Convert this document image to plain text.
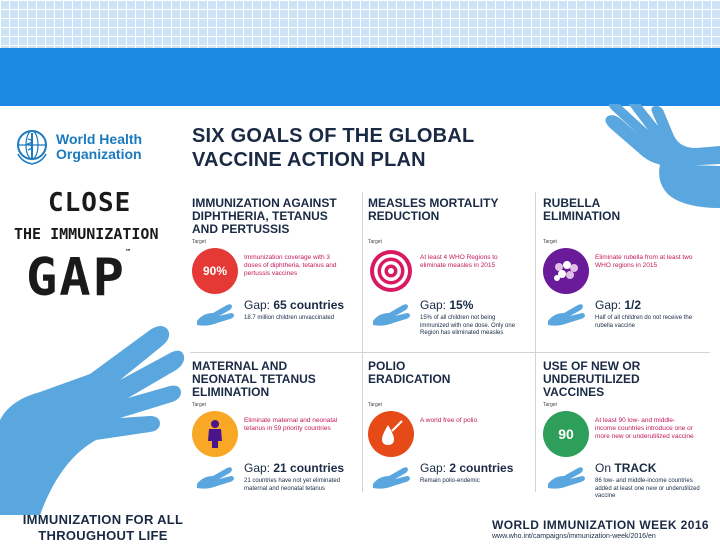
World Health
Organization
CLOSE
THE IMMUNIZATION
GAP™
IMMUNIZATION FOR ALL
THROUGHOUT LIFE
SIX GOALS OF THE GLOBAL
VACCINE ACTION PLAN
IMMUNIZATION AGAINST
DIPHTHERIA, TETANUS
AND PERTUSSIS
Target
90%
Immunization coverage with 3 doses of diphtheria, tetanus and pertussis vaccines
Gap: 65 countries
18.7 million children unvaccinated
MEASLES MORTALITY
REDUCTION
Target
At least 4 WHO Regions to eliminate measles in 2015
Gap: 15%
15% of all children not being immunized with one dose. Only one Region has eliminated measles
RUBELLA
ELIMINATION
Target
Eliminate rubella from at least two WHO regions in 2015
Gap: 1/2
Half of all children do not receive the rubella vaccine
MATERNAL AND
NEONATAL TETANUS
ELIMINATION
Target
Eliminate maternal and neonatal tetanus in 59 priority countries
Gap: 21 countries
21 countries have not yet eliminated maternal and neonatal tetanus
POLIO
ERADICATION
Target
A world free of polio
Gap: 2 countries
Remain polio-endemic
USE OF NEW OR
UNDERUTILIZED
VACCINES
Target
90
At least 90 low- and middle-income countries introduce one or more new or underutilized vaccine
On TRACK
86 low- and middle-income countries added at least one new or underutilized vaccine
WORLD IMMUNIZATION WEEK 2016
www.who.int/campaigns/immunization-week/2016/en
